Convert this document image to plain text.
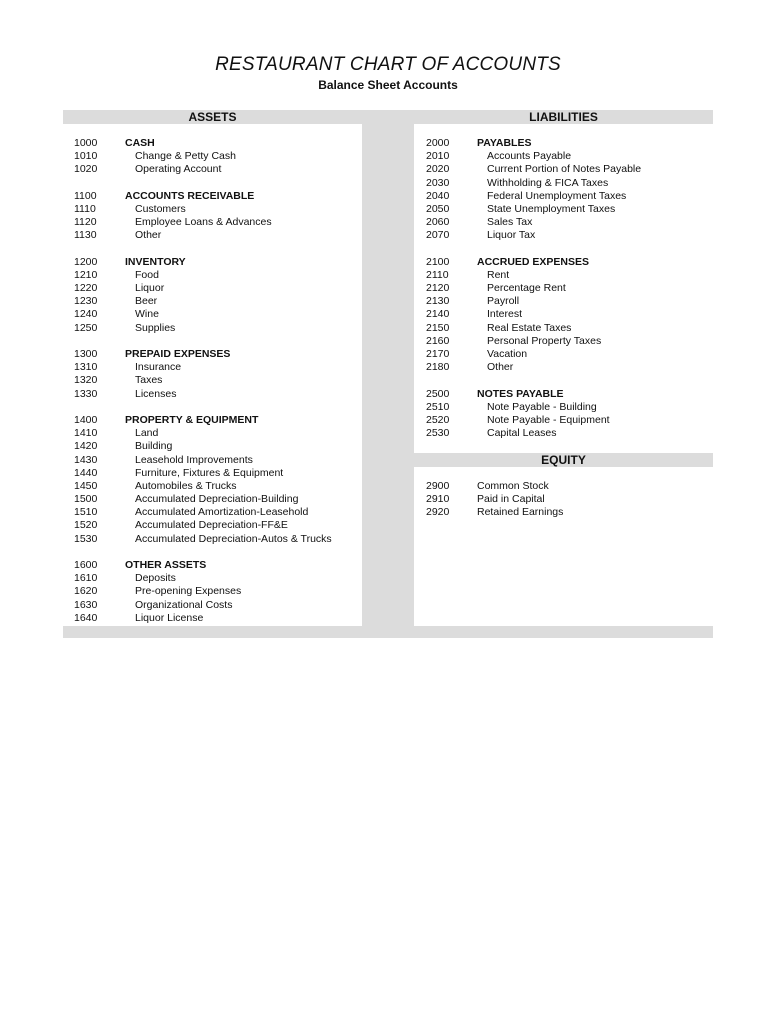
RESTAURANT CHART OF ACCOUNTS
Balance Sheet Accounts
ASSETS	LIABILITIES
EQUITY
1000	CASH
1010	Change & Petty Cash
1020	Operating Account
1100	ACCOUNTS RECEIVABLE
1110	Customers
1120	Employee Loans & Advances
1130	Other
1200	INVENTORY
1210	Food
1220	Liquor
1230	Beer
1240	Wine
1250	Supplies
1300	PREPAID EXPENSES
1310	Insurance
1320	Taxes
1330	Licenses
1400	PROPERTY & EQUIPMENT
1410	Land
1420	Building
1430	Leasehold Improvements
1440	Furniture, Fixtures & Equipment
1450	Automobiles & Trucks
1500	Accumulated Depreciation-Building
1510	Accumulated Amortization-Leasehold
1520	Accumulated Depreciation-FF&E
1530	Accumulated Depreciation-Autos & Trucks
1600	OTHER ASSETS
1610	Deposits
1620	Pre-opening Expenses
1630	Organizational Costs
1640	Liquor License
2000	PAYABLES
2010	Accounts Payable
2020	Current Portion of Notes Payable
2030	Withholding & FICA Taxes
2040	Federal Unemployment Taxes
2050	State Unemployment Taxes
2060	Sales Tax
2070	Liquor Tax
2100	ACCRUED EXPENSES
2110	Rent
2120	Percentage Rent
2130	Payroll
2140	Interest
2150	Real Estate Taxes
2160	Personal Property Taxes
2170	Vacation
2180	Other
2500	NOTES PAYABLE
2510	Note Payable - Building
2520	Note Payable - Equipment
2530	Capital Leases
2900	Common Stock
2910	Paid in Capital
2920	Retained Earnings
